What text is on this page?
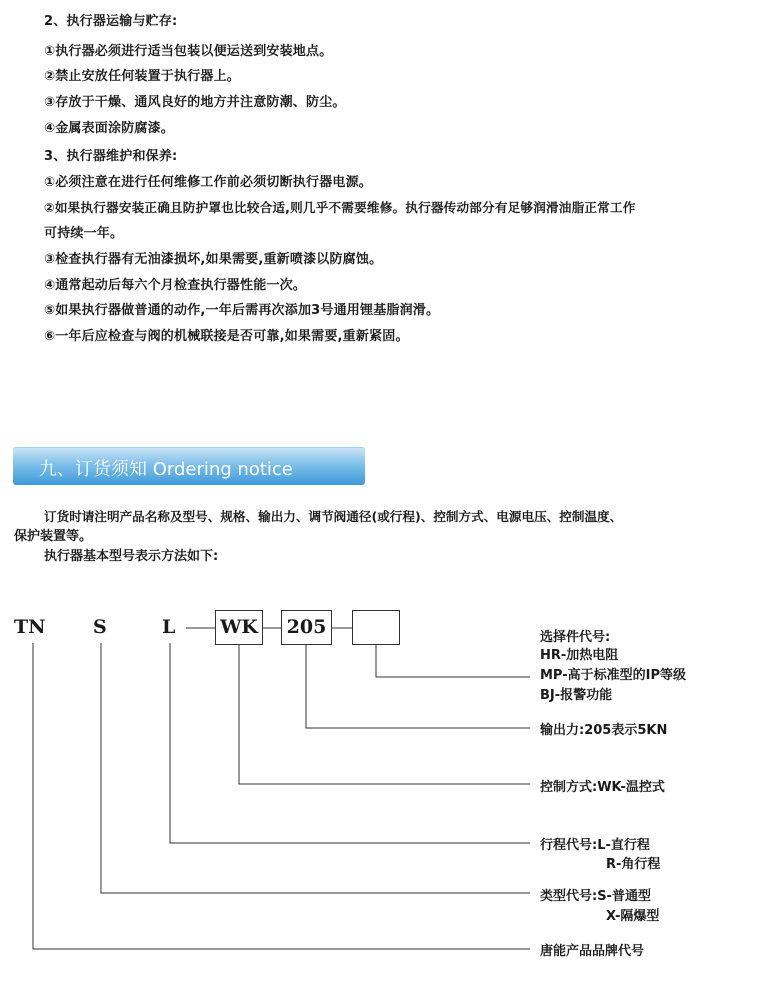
2、执行器运输与贮存:
①执行器必须进行适当包装以便运送到安装地点。
②禁止安放任何装置于执行器上。
③存放于干燥、通风良好的地方并注意防潮、防尘。
④金属表面涂防腐漆。
3、执行器维护和保养:
①必须注意在进行任何维修工作前必须切断执行器电源。
②如果执行器安装正确且防护罩也比较合适,则几乎不需要维修。执行器传动部分有足够润滑油脂正常工作
可持续一年。
③检查执行器有无油漆损坏,如果需要,重新喷漆以防腐蚀。
④通常起动后每六个月检查执行器性能一次。
⑤如果执行器做普通的动作,一年后需再次添加3号通用锂基脂润滑。
⑥一年后应检查与阀的机械联接是否可靠,如果需要,重新紧固。
九、订货须知 Ordering notice
订货时请注明产品名称及型号、规格、输出力、调节阀通径(或行程)、控制方式、电源电压、控制温度、
保护装置等。
执行器基本型号表示方法如下:
TN S	L WK 205	选择件代号:
HR-加热电阻
MP-高于标准型的IP等级
BJ-报警功能
输出力:205表示5KN
控制方式:WK-温控式
行程代号:L-直行程
R-角行程
类型代号:S-普通型
X-隔爆型
唐能产品品牌代号
